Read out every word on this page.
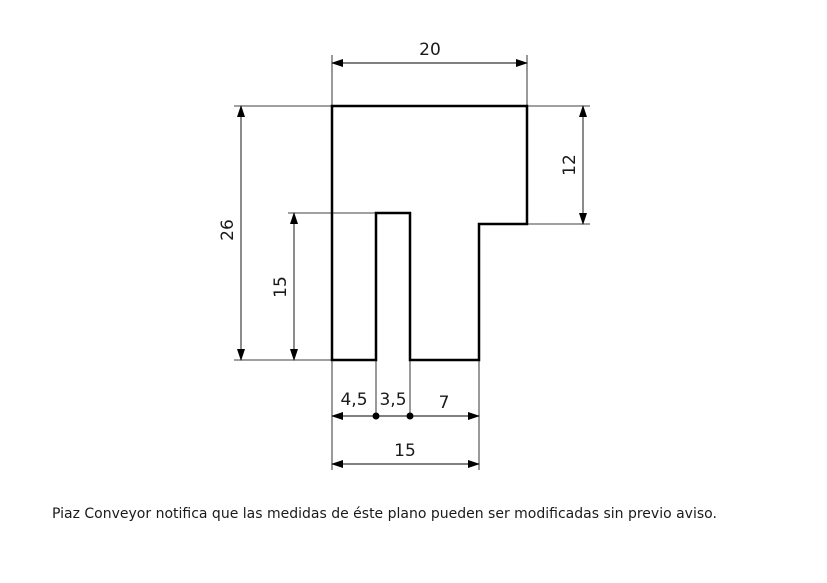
20
26
15
12
4,5 3,5 7
15
Piaz Conveyor notifica que las medidas de éste plano pueden ser modificadas sin previo aviso.
